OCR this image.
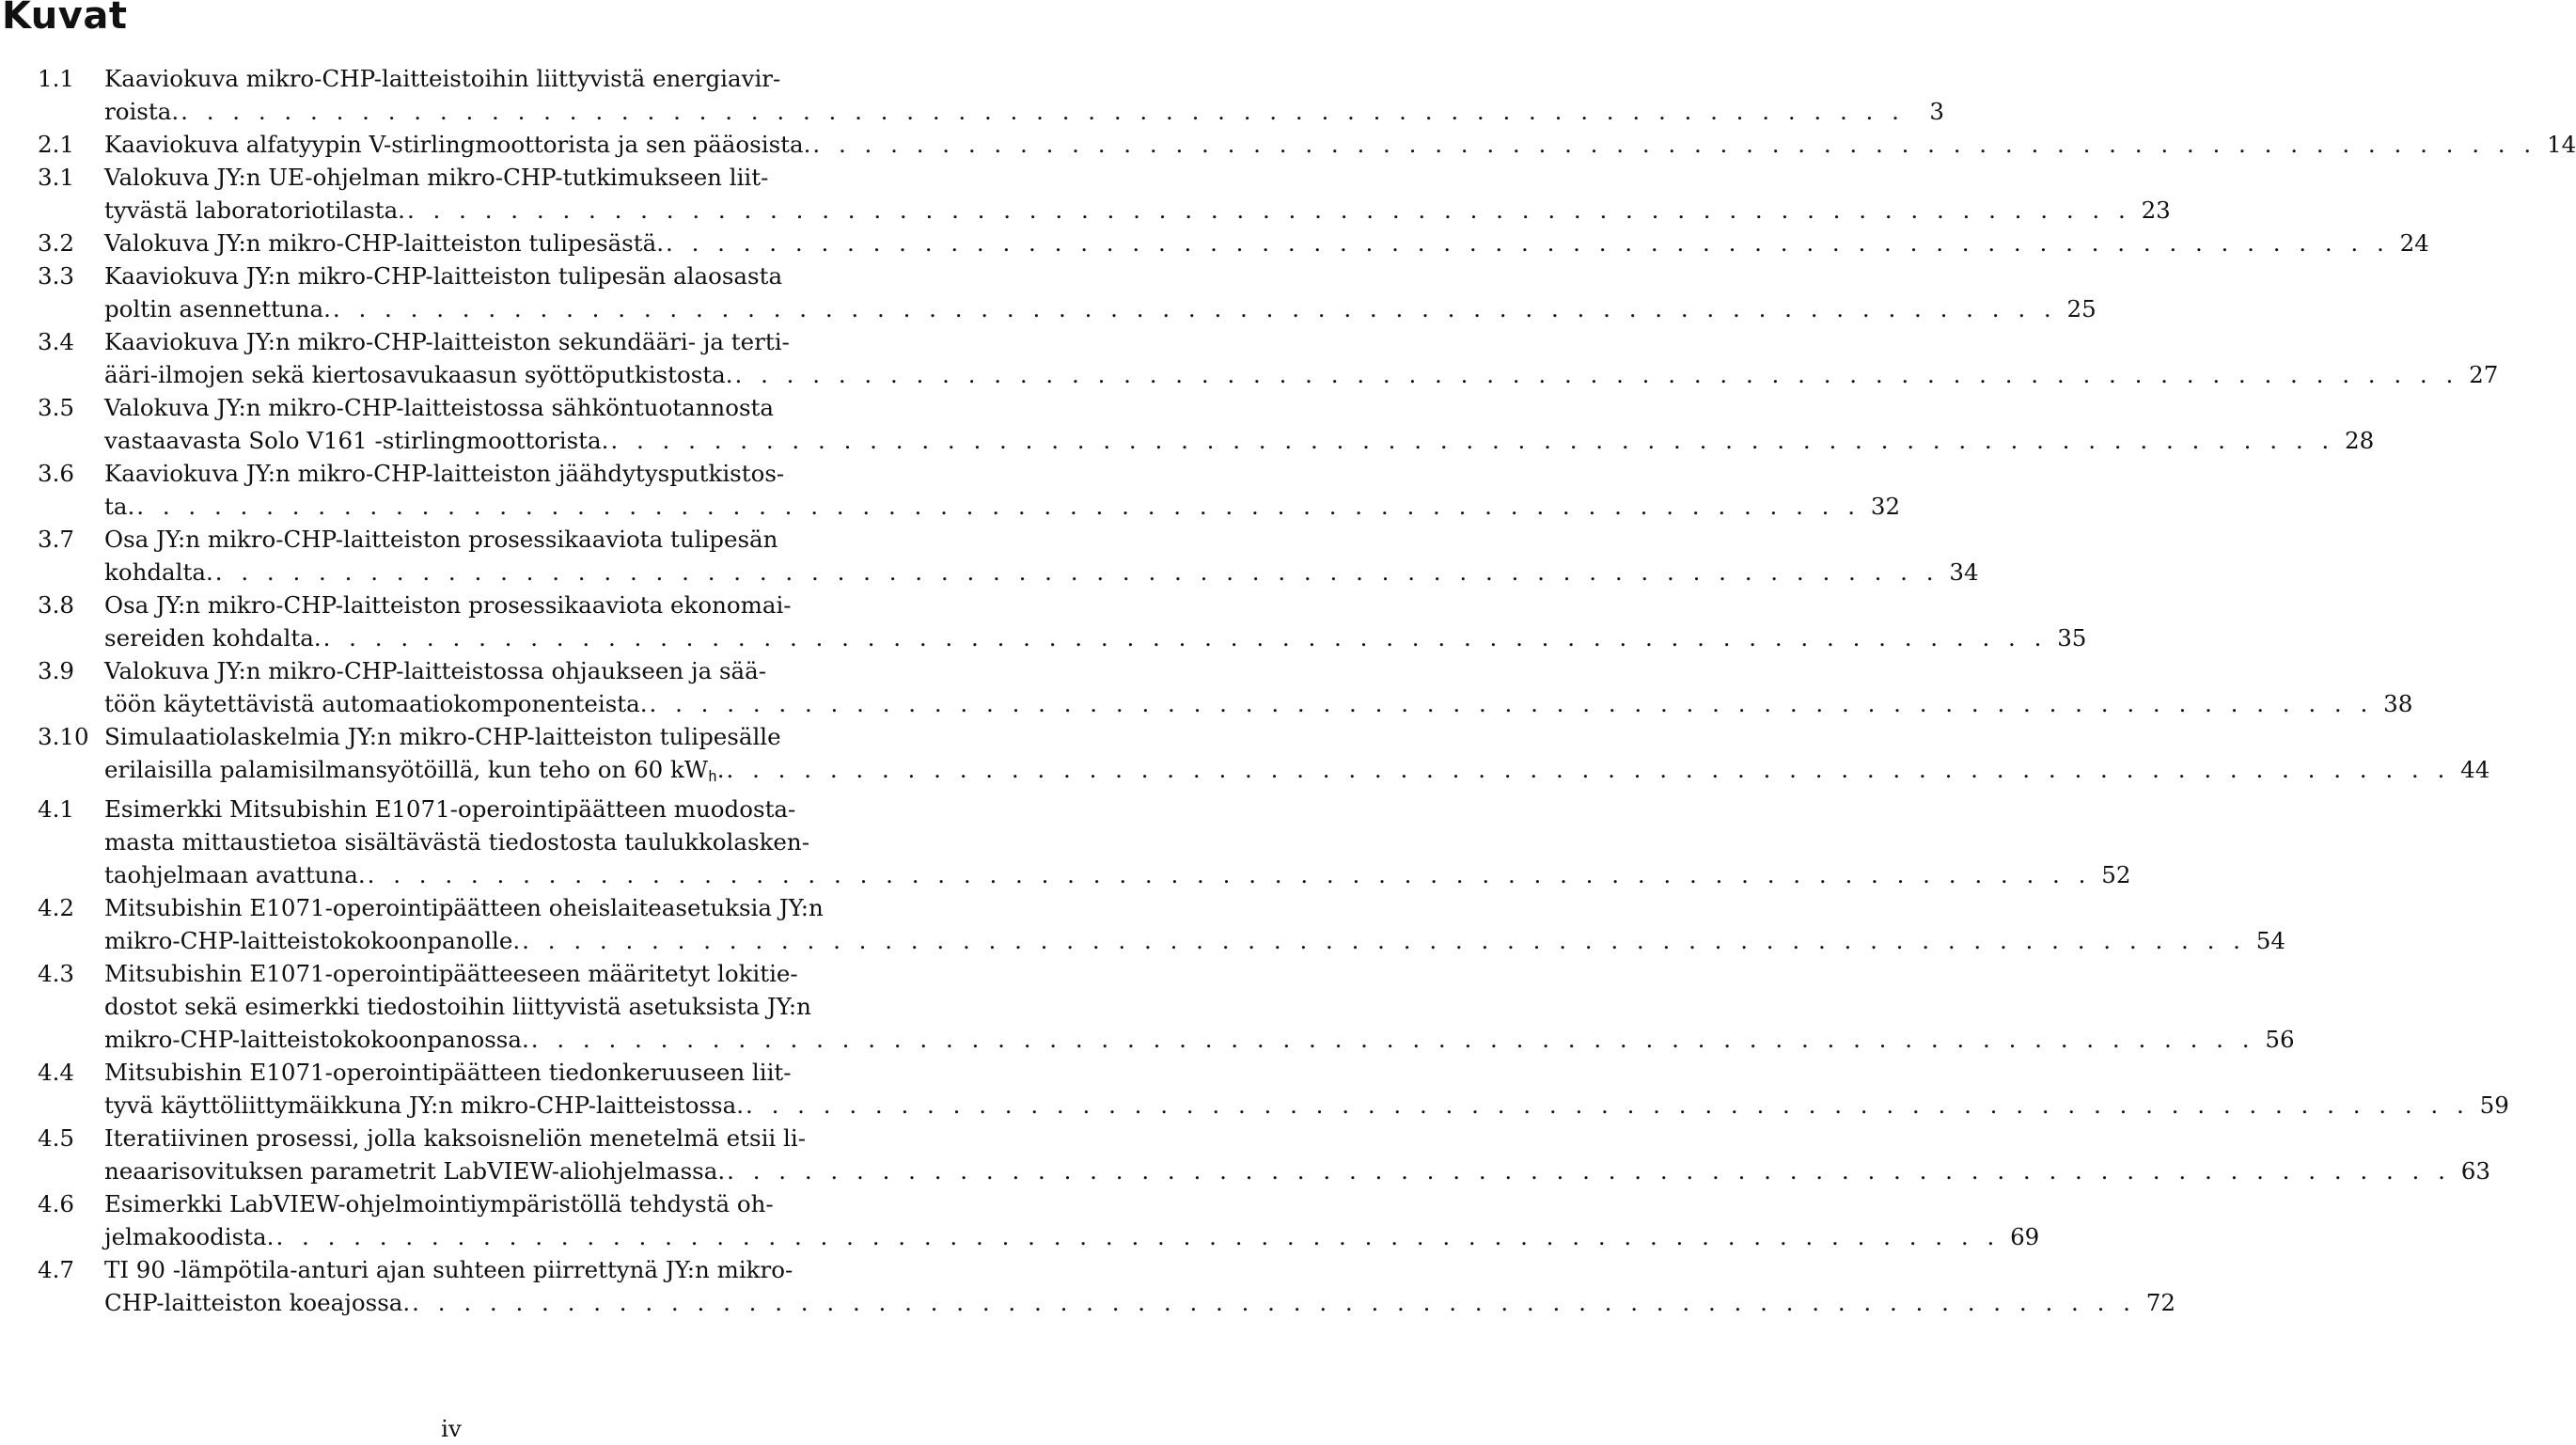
Kuvat
1.1	Kaaviokuva mikro-CHP-laitteistoihin liittyvistä energiavir-
roista. . . . . . . . . . . . . . . . . . . . . . . . . . . . . . . . . . . . . . . . . . . . . . . . . . . . . . . . . . . . . . . . . . . .	3
2.1	Kaaviokuva alfatyypin V-stirlingmoottorista ja sen pääosista. . . . . . . . . . . . . . . . . . . . . . . . . . . . . . . . . . . . . . . . . . . . . . . . . . . . . . . . . . . . . . . . . . . . 14
3.1	Valokuva JY:n UE-ohjelman mikro-CHP-tutkimukseen liit-
tyvästä laboratoriotilasta. . . . . . . . . . . . . . . . . . . . . . . . . . . . . . . . . . . . . . . . . . . . . . . . . . . . . . . . . . . . . . . . . . . . 23
3.2	Valokuva JY:n mikro-CHP-laitteiston tulipesästä. . . . . . . . . . . . . . . . . . . . . . . . . . . . . . . . . . . . . . . . . . . . . . . . . . . . . . . . . . . . . . . . . . . . 24
3.3	Kaaviokuva JY:n mikro-CHP-laitteiston tulipesän alaosasta
poltin asennettuna. . . . . . . . . . . . . . . . . . . . . . . . . . . . . . . . . . . . . . . . . . . . . . . . . . . . . . . . . . . . . . . . . . . . 25
3.4	Kaaviokuva JY:n mikro-CHP-laitteiston sekundääri- ja terti-
ääri-ilmojen sekä kiertosavukaasun syöttöputkistosta. . . . . . . . . . . . . . . . . . . . . . . . . . . . . . . . . . . . . . . . . . . . . . . . . . . . . . . . . . . . . . . . . . . . 27
3.5	Valokuva JY:n mikro-CHP-laitteistossa sähköntuotannosta
vastaavasta Solo V161 -stirlingmoottorista. . . . . . . . . . . . . . . . . . . . . . . . . . . . . . . . . . . . . . . . . . . . . . . . . . . . . . . . . . . . . . . . . . . . 28
3.6	Kaaviokuva JY:n mikro-CHP-laitteiston jäähdytysputkistos-
ta. . . . . . . . . . . . . . . . . . . . . . . . . . . . . . . . . . . . . . . . . . . . . . . . . . . . . . . . . . . . . . . . . . . . 32
3.7	Osa JY:n mikro-CHP-laitteiston prosessikaaviota tulipesän
kohdalta. . . . . . . . . . . . . . . . . . . . . . . . . . . . . . . . . . . . . . . . . . . . . . . . . . . . . . . . . . . . . . . . . . . . 34
3.8	Osa JY:n mikro-CHP-laitteiston prosessikaaviota ekonomai-
sereiden kohdalta. . . . . . . . . . . . . . . . . . . . . . . . . . . . . . . . . . . . . . . . . . . . . . . . . . . . . . . . . . . . . . . . . . . . 35
3.9	Valokuva JY:n mikro-CHP-laitteistossa ohjaukseen ja sää-
töön käytettävistä automaatiokomponenteista. . . . . . . . . . . . . . . . . . . . . . . . . . . . . . . . . . . . . . . . . . . . . . . . . . . . . . . . . . . . . . . . . . . . 38
3.10 Simulaatiolaskelmia JY:n mikro-CHP-laitteiston tulipesälle
erilaisilla palamisilmansyötöillä, kun teho on 60 $kW_h$. . . . . . . . . . . . . . . . . . . . . . . . . . . . . . . . . . . . . . . . . . . . . . . . . . . . . . . . . . . . . . . . . . . . 44
4.1	Esimerkki Mitsubishin E1071-operointipäätteen muodosta-
masta mittaustietoa sisältävästä tiedostosta taulukkolasken-
taohjelmaan avattuna. . . . . . . . . . . . . . . . . . . . . . . . . . . . . . . . . . . . . . . . . . . . . . . . . . . . . . . . . . . . . . . . . . . . 52
4.2	Mitsubishin E1071-operointipäätteen oheislaiteasetuksia JY:n
mikro-CHP-laitteistokokoonpanolle. . . . . . . . . . . . . . . . . . . . . . . . . . . . . . . . . . . . . . . . . . . . . . . . . . . . . . . . . . . . . . . . . . . . 54
4.3	Mitsubishin E1071-operointipäätteeseen määritetyt lokitie-
dostot sekä esimerkki tiedostoihin liittyvistä asetuksista JY:n
mikro-CHP-laitteistokokoonpanossa. . . . . . . . . . . . . . . . . . . . . . . . . . . . . . . . . . . . . . . . . . . . . . . . . . . . . . . . . . . . . . . . . . . . 56
4.4	Mitsubishin E1071-operointipäätteen tiedonkeruuseen liit-
tyvä käyttöliittymäikkuna JY:n mikro-CHP-laitteistossa. . . . . . . . . . . . . . . . . . . . . . . . . . . . . . . . . . . . . . . . . . . . . . . . . . . . . . . . . . . . . . . . . . . . 59
4.5	Iteratiivinen prosessi, jolla kaksoisneliön menetelmä etsii li-
neaarisovituksen parametrit LabVIEW-aliohjelmassa. . . . . . . . . . . . . . . . . . . . . . . . . . . . . . . . . . . . . . . . . . . . . . . . . . . . . . . . . . . . . . . . . . . . 63
4.6	Esimerkki LabVIEW-ohjelmointiympäristöllä tehdystä oh-
jelmakoodista. . . . . . . . . . . . . . . . . . . . . . . . . . . . . . . . . . . . . . . . . . . . . . . . . . . . . . . . . . . . . . . . . . . . 69
4.7	TI 90 -lämpötila-anturi ajan suhteen piirrettynä JY:n mikro-
CHP-laitteiston koeajossa. . . . . . . . . . . . . . . . . . . . . . . . . . . . . . . . . . . . . . . . . . . . . . . . . . . . . . . . . . . . . . . . . . . . 72
iv
